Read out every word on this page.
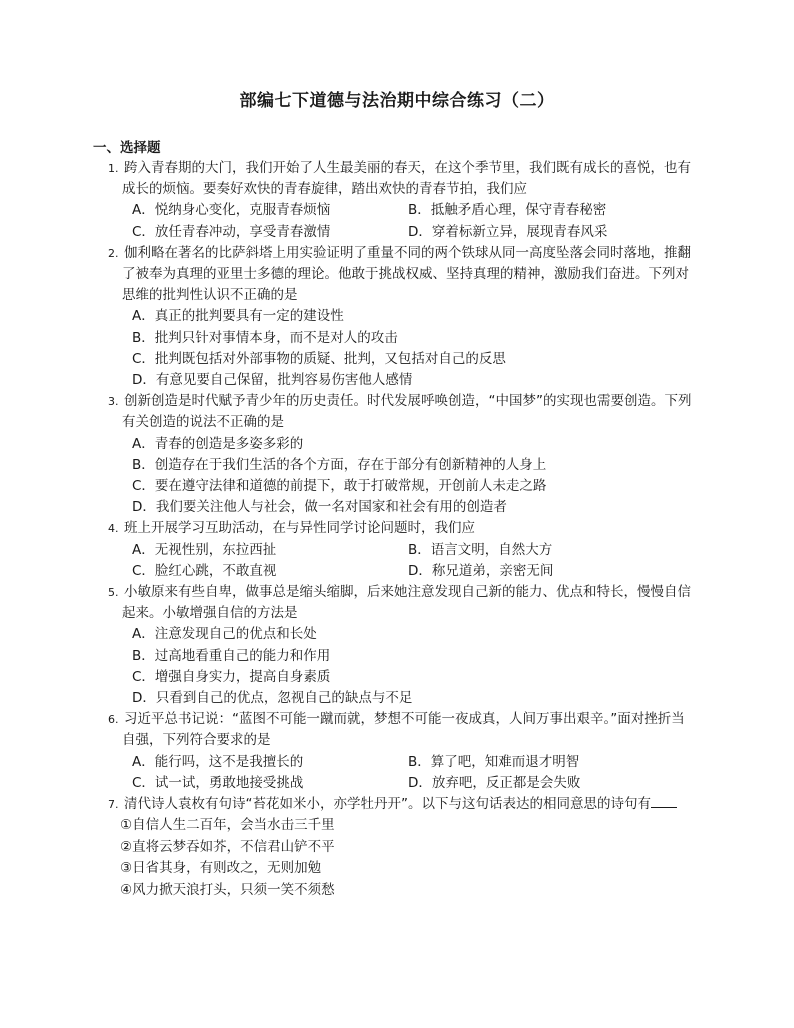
部编七下道德与法治期中综合练习（二）
一、选择题
1. 跨入青春期的大门，我们开始了人生最美丽的春天，在这个季节里，我们既有成长的喜悦，也有
成长的烦恼。要奏好欢快的青春旋律，踏出欢快的青春节拍，我们应
A．悦纳身心变化，克服青春烦恼	B．抵触矛盾心理，保守青春秘密
C．放任青春冲动，享受青春激情	D．穿着标新立异，展现青春风采
2. 伽利略在著名的比萨斜塔上用实验证明了重量不同的两个铁球从同一高度坠落会同时落地，推翻
了被奉为真理的亚里士多德的理论。他敢于挑战权威、坚持真理的精神，激励我们奋进。下列对
思维的批判性认识不正确的是
A．真正的批判要具有一定的建设性
B．批判只针对事情本身，而不是对人的攻击
C．批判既包括对外部事物的质疑、批判，又包括对自己的反思
D．有意见要自己保留，批判容易伤害他人感情
3. 创新创造是时代赋予青少年的历史责任。时代发展呼唤创造，“中国梦”的实现也需要创造。下列
有关创造的说法不正确的是
A．青春的创造是多姿多彩的
B．创造存在于我们生活的各个方面，存在于部分有创新精神的人身上
C．要在遵守法律和道德的前提下，敢于打破常规，开创前人未走之路
D．我们要关注他人与社会，做一名对国家和社会有用的创造者
4. 班上开展学习互助活动，在与异性同学讨论问题时，我们应
A．无视性别，东拉西扯	B．语言文明，自然大方
C．脸红心跳，不敢直视	D．称兄道弟，亲密无间
5. 小敏原来有些自卑，做事总是缩头缩脚，后来她注意发现自己新的能力、优点和特长，慢慢自信
起来。小敏增强自信的方法是
A．注意发现自己的优点和长处
B．过高地看重自己的能力和作用
C．增强自身实力，提高自身素质
D．只看到自己的优点，忽视自己的缺点与不足
6. 习近平总书记说：“蓝图不可能一蹴而就，梦想不可能一夜成真，人间万事出艰辛。”面对挫折当
自强，下列符合要求的是
A．能行吗，这不是我擅长的	B．算了吧，知难而退才明智
C．试一试，勇敢地接受挑战	D．放弃吧，反正都是会失败
7. 清代诗人袁枚有句诗“苔花如米小，亦学牡丹开”。以下与这句话表达的相同意思的诗句有
①自信人生二百年，会当水击三千里
②直将云梦吞如芥，不信君山铲不平
③日省其身，有则改之，无则加勉
④风力掀天浪打头，只须一笑不须愁
